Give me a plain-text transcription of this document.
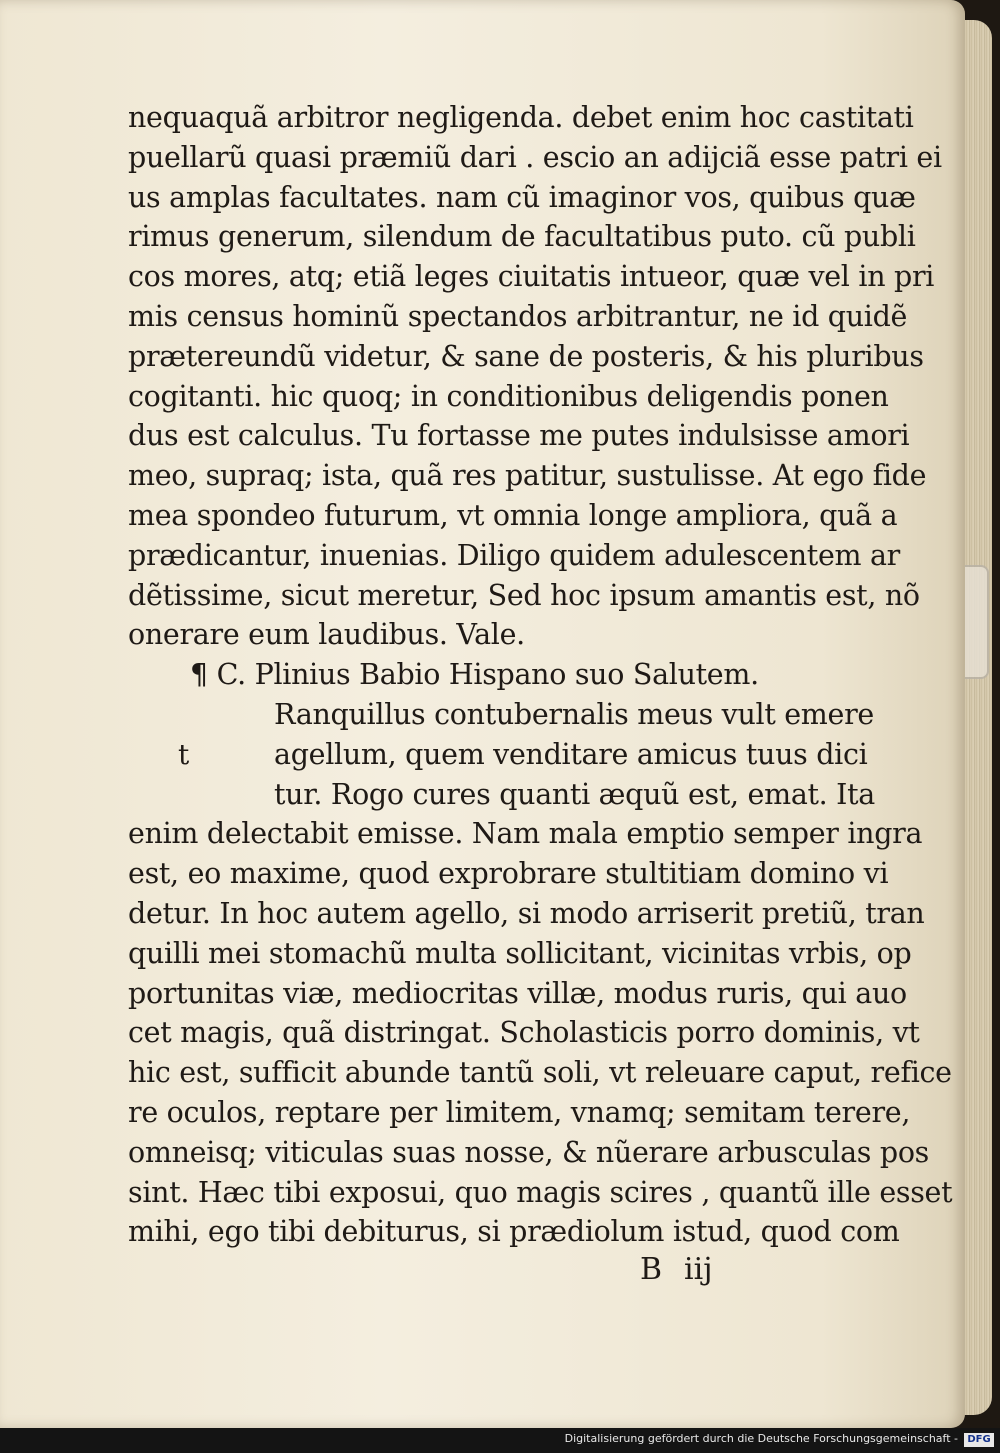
nequaquã arbitror negligenda. debet enim hoc castitati
puellarũ quasi præmiũ dari . escio an adijciã esse patri ei
us amplas facultates. nam cũ imaginor vos, quibus quæ
rimus generum, silendum de facultatibus puto. cũ publi
cos mores, atq; etiã leges ciuitatis intueor, quæ vel in pri
mis census hominũ spectandos arbitrantur, ne id quidẽ
prætereundũ videtur, & sane de posteris, & his pluribus
cogitanti. hic quoq; in conditionibus deligendis ponen
dus est calculus. Tu fortasse me putes indulsisse amori
meo, supraq; ista, quã res patitur, sustulisse. At ego fide
mea spondeo futurum, vt omnia longe ampliora, quã a
prædicantur, inuenias. Diligo quidem adulescentem ar
dẽtissime, sicut meretur, Sed hoc ipsum amantis est, nõ
onerare eum laudibus. Vale.
¶ C. Plinius Babio Hispano suo Salutem.
Ranquillus contubernalis meus vult emere
t	agellum, quem venditare amicus tuus dici
tur. Rogo cures quanti æquũ est, emat. Ita
enim delectabit emisse. Nam mala emptio semper ingra
est, eo maxime, quod exprobrare stultitiam domino vi
detur. In hoc autem agello, si modo arriserit pretiũ, tran
quilli mei stomachũ multa sollicitant, vicinitas vrbis, op
portunitas viæ, mediocritas villæ, modus ruris, qui auo
cet magis, quã distringat. Scholasticis porro dominis, vt
hic est, sufficit abunde tantũ soli, vt releuare caput, refice
re oculos, reptare per limitem, vnamq; semitam terere,
omneisq; viticulas suas nosse, & nũerare arbusculas pos
sint. Hæc tibi exposui, quo magis scires , quantũ ille esset
mihi, ego tibi debiturus, si prædiolum istud, quod com
B iij
Digitalisierung gefördert durch die Deutsche Forschungsgemeinschaft - DFG
